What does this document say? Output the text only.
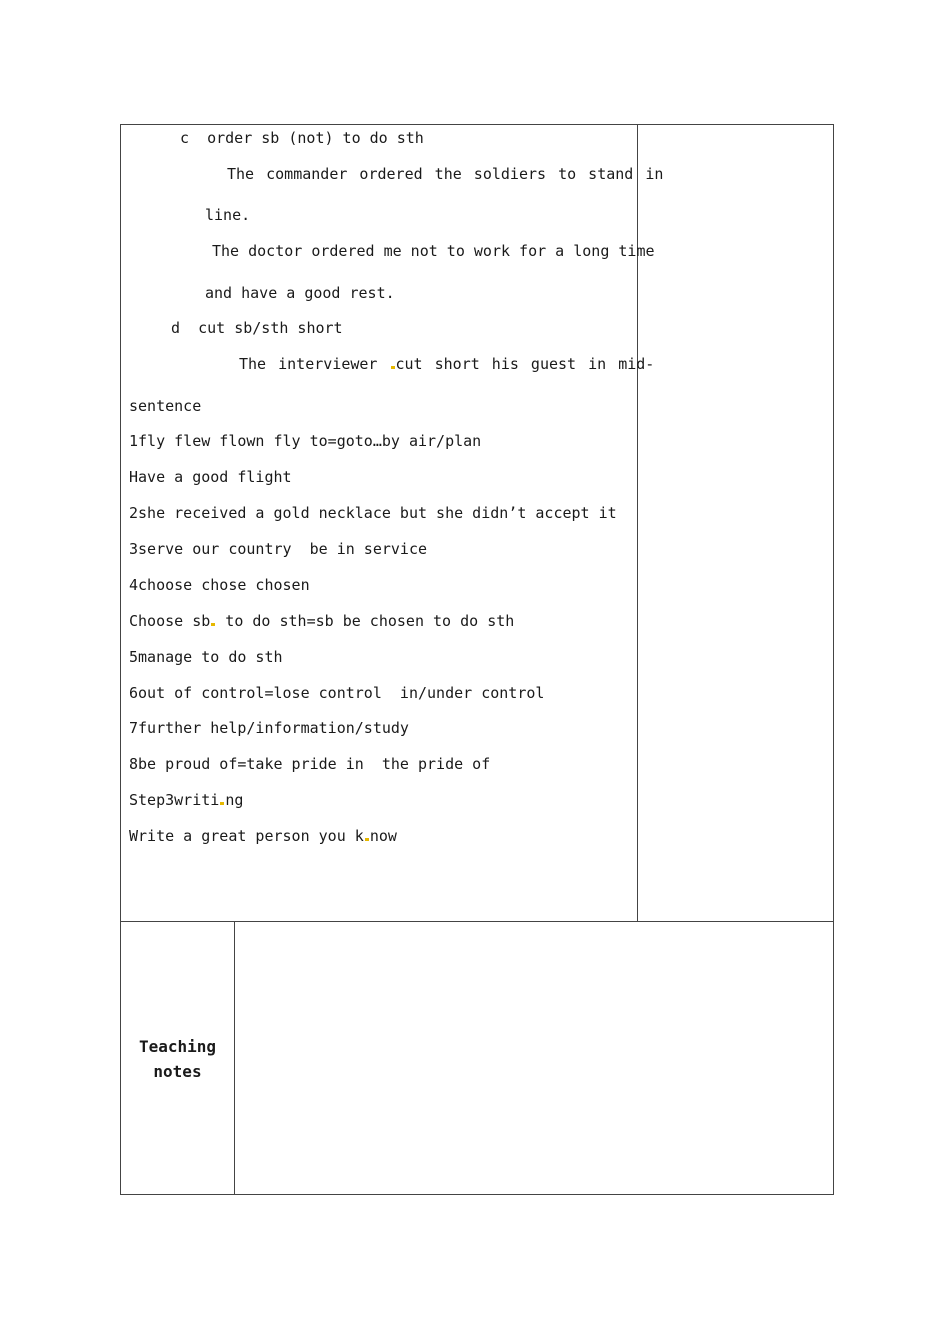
c  order sb (not) to do sth
The commander ordered the soldiers to stand in
line.
The doctor ordered me not to work for a long time
and have a good rest.
d  cut sb/sth short
The interviewer cut short his guest in mid-
sentence
1fly flew flown fly to=goto…by air/plan
Have a good flight
2she received a gold necklace but she didn’t accept it
3serve our country  be in service
4choose chose chosen
Choose sb to do sth=sb be chosen to do sth
5manage to do sth
6out of control=lose control  in/under control
7further help/information/study
8be proud of=take pride in  the pride of
Step3writi ng
Write a great person you k now
Teaching
notes
